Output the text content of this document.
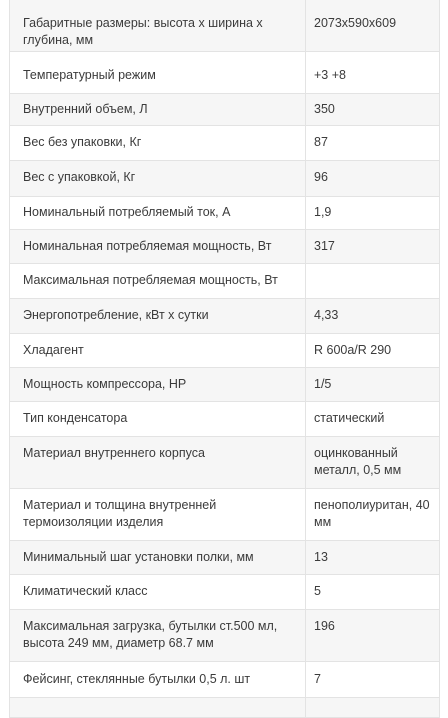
Габаритные размеры: высота х ширина х глубина, мм	2073x590x609

Температурный режим	+3 +8

Внутренний объем, Л	350

Вес без упаковки, Кг	87

Вес с упаковкой, Кг	96

Номинальный потребляемый ток, А	1,9

Номинальная потребляемая мощность, Вт	317

Максимальная потребляемая мощность, Вт	

Энергопотребление, кВт х сутки	4,33

Хладагент	R 600a/R 290

Мощность компрессора, HP	1/5

Тип конденсатора	статический

Материал внутреннего корпуса	оцинкованный металл, 0,5 мм

Материал и толщина внутренней термоизоляции изделия	пенополиуритан, 40 мм

Минимальный шаг установки полки, мм	13

Климатический класс	5

Максимальная загрузка, бутылки ст.500 мл, высота 249 мм, диаметр 68.7 мм	196

Фейсинг, стеклянные бутылки 0,5 л. шт	7
